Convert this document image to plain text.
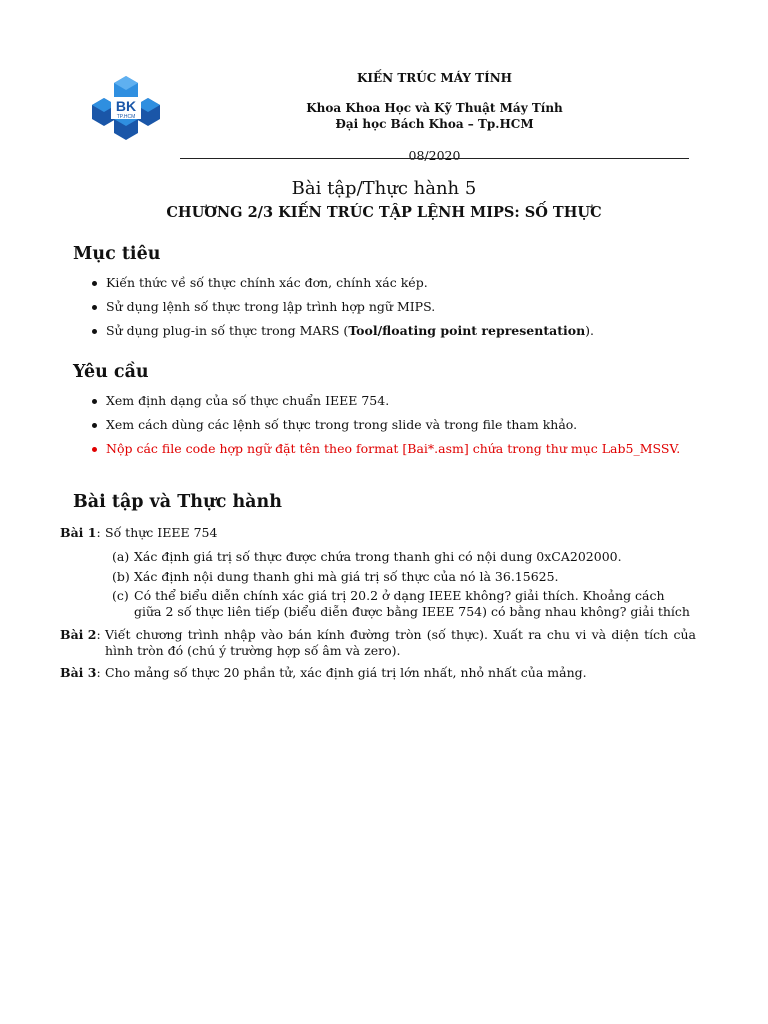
BK
TP.HCM
KIẾN TRÚC MÁY TÍNH
Khoa Khoa Học và Kỹ Thuật Máy Tính
Đại học Bách Khoa – Tp.HCM
08/2020
Bài tập/Thực hành 5
CHƯƠNG 2/3 KIẾN TRÚC TẬP LỆNH MIPS: SỐ THỰC
Mục tiêu
Kiến thức về số thực chính xác đơn, chính xác kép.
Sử dụng lệnh số thực trong lập trình hợp ngữ MIPS.
Sử dụng plug-in số thực trong MARS (Tool/floating point representation).
Yêu cầu
Xem định dạng của số thực chuẩn IEEE 754.
Xem cách dùng các lệnh số thực trong trong slide và trong file tham khảo.
Nộp các file code hợp ngữ đặt tên theo format [Bai*.asm] chứa trong thư mục Lab5_MSSV.
Bài tập và Thực hành
Bài 1: Số thực IEEE 754
(a) Xác định giá trị số thực được chứa trong thanh ghi có nội dung 0xCA202000.
(b) Xác định nội dung thanh ghi mà giá trị số thực của nó là 36.15625.
(c) Có thể biểu diễn chính xác giá trị 20.2 ở dạng IEEE không? giải thích. Khoảng cách giữa 2 số thực liên tiếp (biểu diễn được bằng IEEE 754) có bằng nhau không? giải thích
Bài 2: Viết chương trình nhập vào bán kính đường tròn (số thực). Xuất ra chu vi và diện tích của hình tròn đó (chú ý trường hợp số âm và zero).
Bài 3: Cho mảng số thực 20 phần tử, xác định giá trị lớn nhất, nhỏ nhất của mảng.
